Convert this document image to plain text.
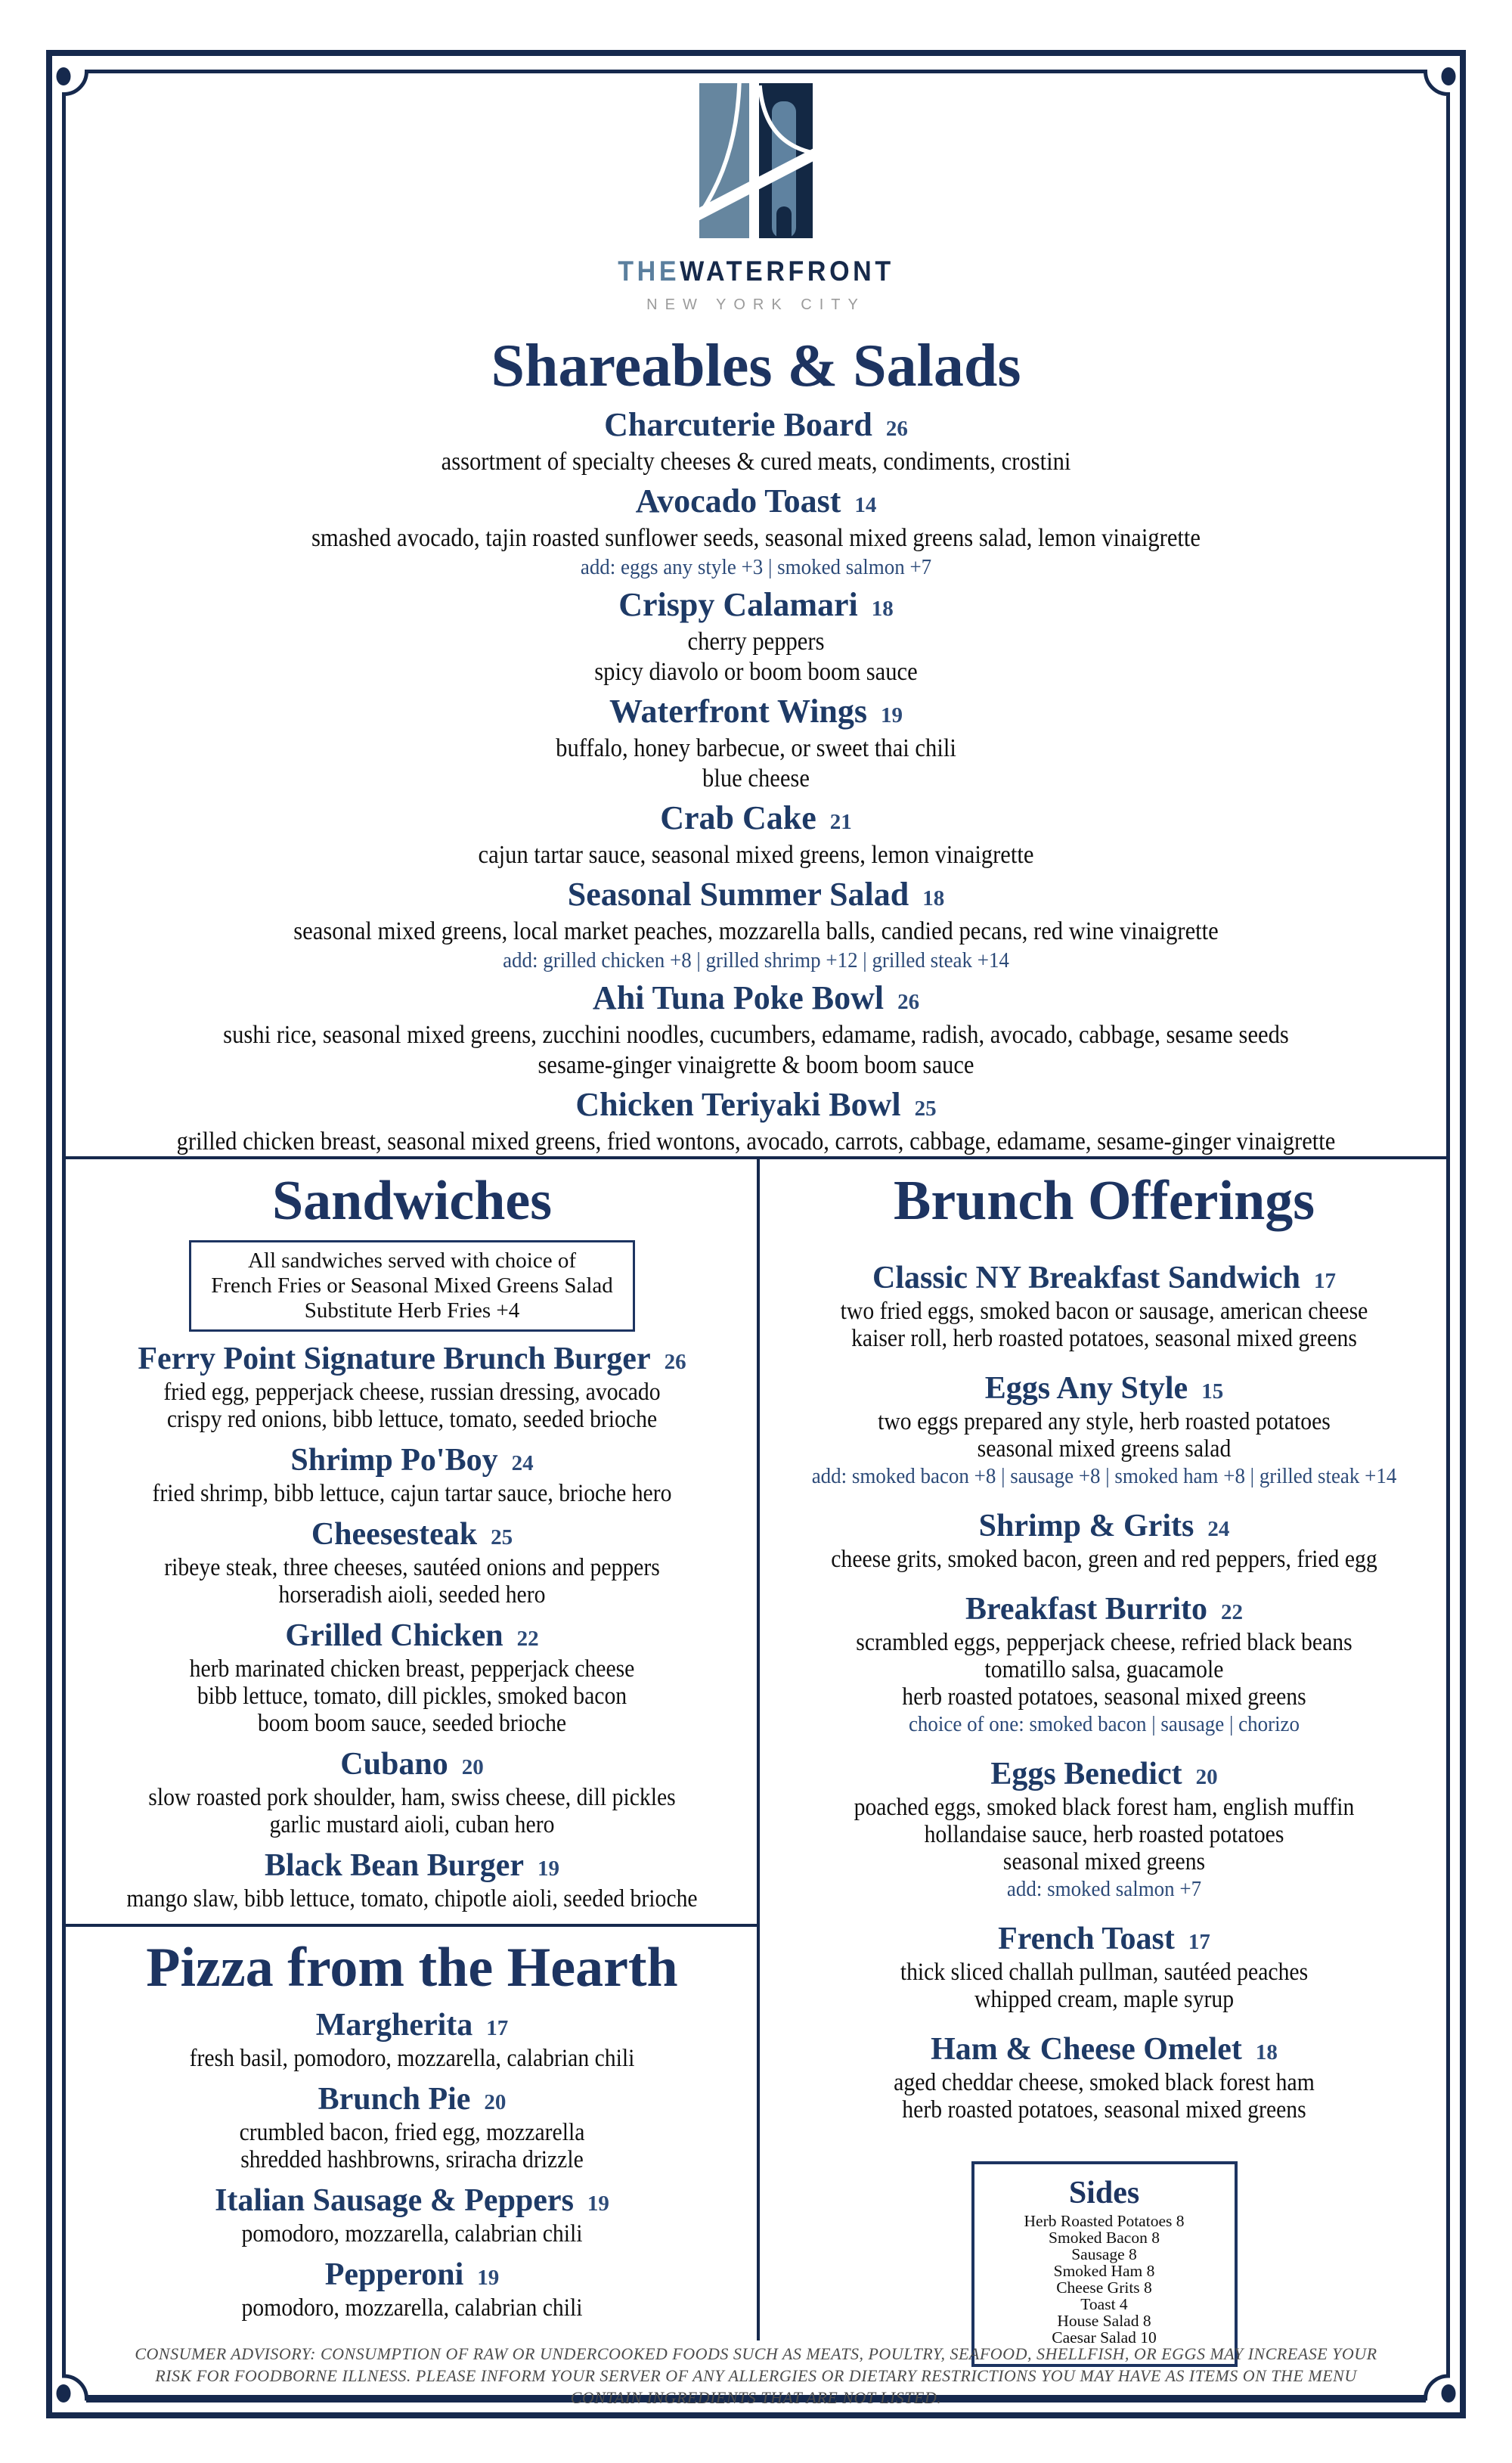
THEWATERFRONT
NEW YORK CITY
Shareables & Salads
Charcuterie Board 26
assortment of specialty cheeses & cured meats, condiments, crostini
Avocado Toast 14
smashed avocado, tajin roasted sunflower seeds, seasonal mixed greens salad, lemon vinaigrette
add: eggs any style +3 | smoked salmon +7
Crispy Calamari 18
cherry peppers
spicy diavolo or boom boom sauce
Waterfront Wings 19
buffalo, honey barbecue, or sweet thai chili
blue cheese
Crab Cake 21
cajun tartar sauce, seasonal mixed greens, lemon vinaigrette
Seasonal Summer Salad 18
seasonal mixed greens, local market peaches, mozzarella balls, candied pecans, red wine vinaigrette
add: grilled chicken +8 | grilled shrimp +12 | grilled steak +14
Ahi Tuna Poke Bowl 26
sushi rice, seasonal mixed greens, zucchini noodles, cucumbers, edamame, radish, avocado, cabbage, sesame seeds
sesame-ginger vinaigrette & boom boom sauce
Chicken Teriyaki Bowl 25
grilled chicken breast, seasonal mixed greens, fried wontons, avocado, carrots, cabbage, edamame, sesame-ginger vinaigrette
Sandwiches
All sandwiches served with choice of
French Fries or Seasonal Mixed Greens Salad
Substitute Herb Fries +4
Ferry Point Signature Brunch Burger 26
fried egg, pepperjack cheese, russian dressing, avocado
crispy red onions, bibb lettuce, tomato, seeded brioche
Shrimp Po'Boy 24
fried shrimp, bibb lettuce, cajun tartar sauce, brioche hero
Cheesesteak 25
ribeye steak, three cheeses, sautéed onions and peppers
horseradish aioli, seeded hero
Grilled Chicken 22
herb marinated chicken breast, pepperjack cheese
bibb lettuce, tomato, dill pickles, smoked bacon
boom boom sauce, seeded brioche
Cubano 20
slow roasted pork shoulder, ham, swiss cheese, dill pickles
garlic mustard aioli, cuban hero
Black Bean Burger 19
mango slaw, bibb lettuce, tomato, chipotle aioli, seeded brioche
Pizza from the Hearth
Margherita 17
fresh basil, pomodoro, mozzarella, calabrian chili
Brunch Pie 20
crumbled bacon, fried egg, mozzarella
shredded hashbrowns, sriracha drizzle
Italian Sausage & Peppers 19
pomodoro, mozzarella, calabrian chili
Pepperoni 19
pomodoro, mozzarella, calabrian chili
Brunch Offerings
Classic NY Breakfast Sandwich 17
two fried eggs, smoked bacon or sausage, american cheese
kaiser roll, herb roasted potatoes, seasonal mixed greens
Eggs Any Style 15
two eggs prepared any style, herb roasted potatoes
seasonal mixed greens salad
add: smoked bacon +8 | sausage +8 | smoked ham +8 | grilled steak +14
Shrimp & Grits 24
cheese grits, smoked bacon, green and red peppers, fried egg
Breakfast Burrito 22
scrambled eggs, pepperjack cheese, refried black beans
tomatillo salsa, guacamole
herb roasted potatoes, seasonal mixed greens
choice of one: smoked bacon | sausage | chorizo
Eggs Benedict 20
poached eggs, smoked black forest ham, english muffin
hollandaise sauce, herb roasted potatoes
seasonal mixed greens
add: smoked salmon +7
French Toast 17
thick sliced challah pullman, sautéed peaches
whipped cream, maple syrup
Ham & Cheese Omelet 18
aged cheddar cheese, smoked black forest ham
herb roasted potatoes, seasonal mixed greens
Sides
Herb Roasted Potatoes 8
Smoked Bacon 8
Sausage 8
Smoked Ham 8
Cheese Grits 8
Toast 4
House Salad 8
Caesar Salad 10
CONSUMER ADVISORY: CONSUMPTION OF RAW OR UNDERCOOKED FOODS SUCH AS MEATS, POULTRY, SEAFOOD, SHELLFISH, OR EGGS MAY INCREASE YOUR
RISK FOR FOODBORNE ILLNESS. PLEASE INFORM YOUR SERVER OF ANY ALLERGIES OR DIETARY RESTRICTIONS YOU MAY HAVE AS ITEMS ON THE MENU
CONTAIN INGREDIENTS THAT ARE NOT LISTED.
